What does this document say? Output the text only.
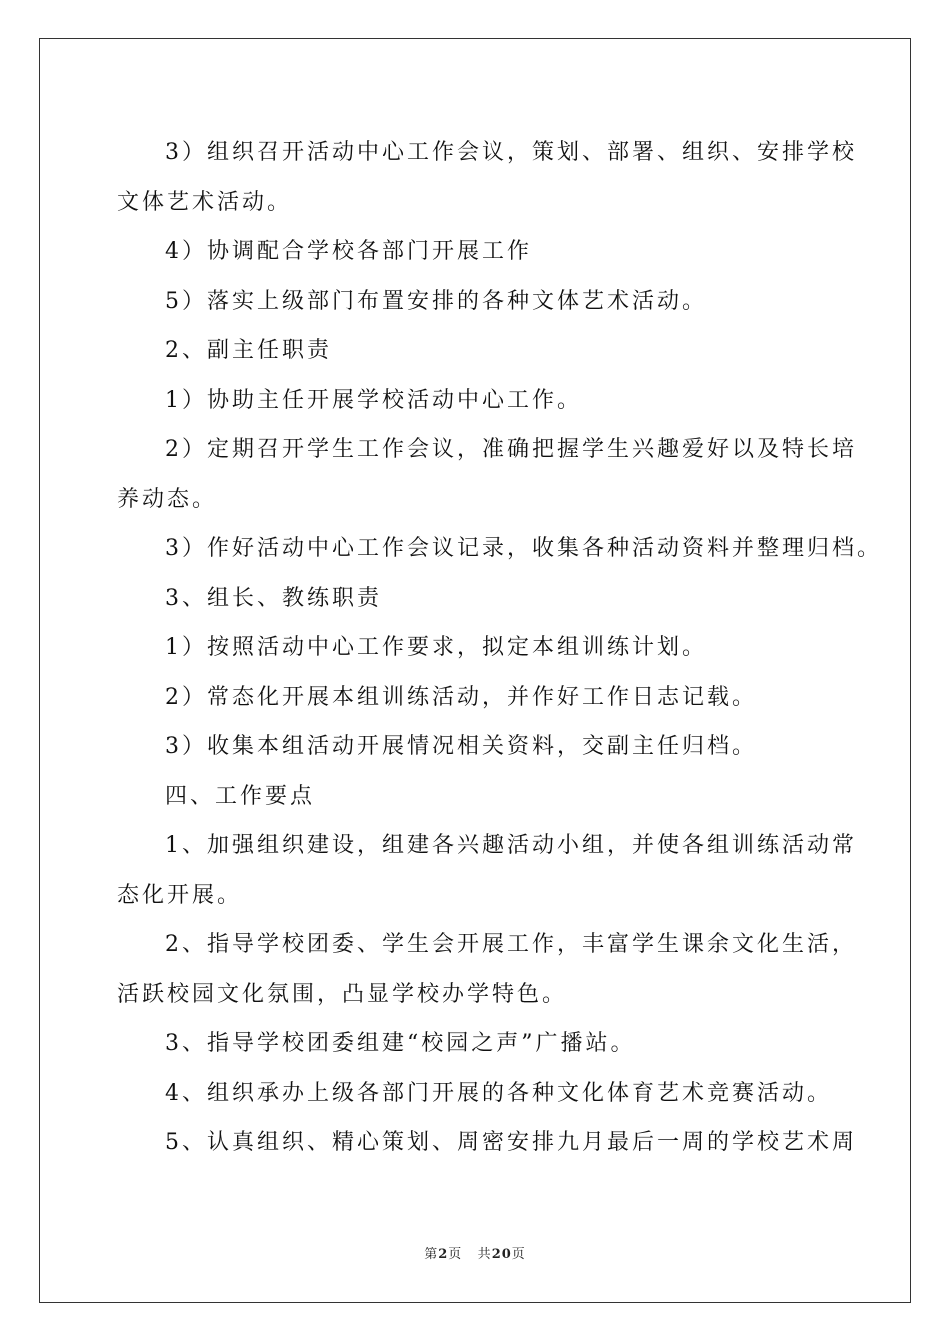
3）组织召开活动中心工作会议，策划、部署、组织、安排学校

文体艺术活动。

4）协调配合学校各部门开展工作

5）落实上级部门布置安排的各种文体艺术活动。

2、副主任职责

1）协助主任开展学校活动中心工作。

2）定期召开学生工作会议，准确把握学生兴趣爱好以及特长培

养动态。

3）作好活动中心工作会议记录，收集各种活动资料并整理归档。

3、组长、教练职责

1）按照活动中心工作要求，拟定本组训练计划。

2）常态化开展本组训练活动，并作好工作日志记载。

3）收集本组活动开展情况相关资料，交副主任归档。

四、工作要点

1、加强组织建设，组建各兴趣活动小组，并使各组训练活动常

态化开展。

2、指导学校团委、学生会开展工作，丰富学生课余文化生活，

活跃校园文化氛围，凸显学校办学特色。

3、指导学校团委组建“校园之声”广播站。

4、组织承办上级各部门开展的各种文化体育艺术竞赛活动。

5、认真组织、精心策划、周密安排九月最后一周的学校艺术周

第2页 共20页
